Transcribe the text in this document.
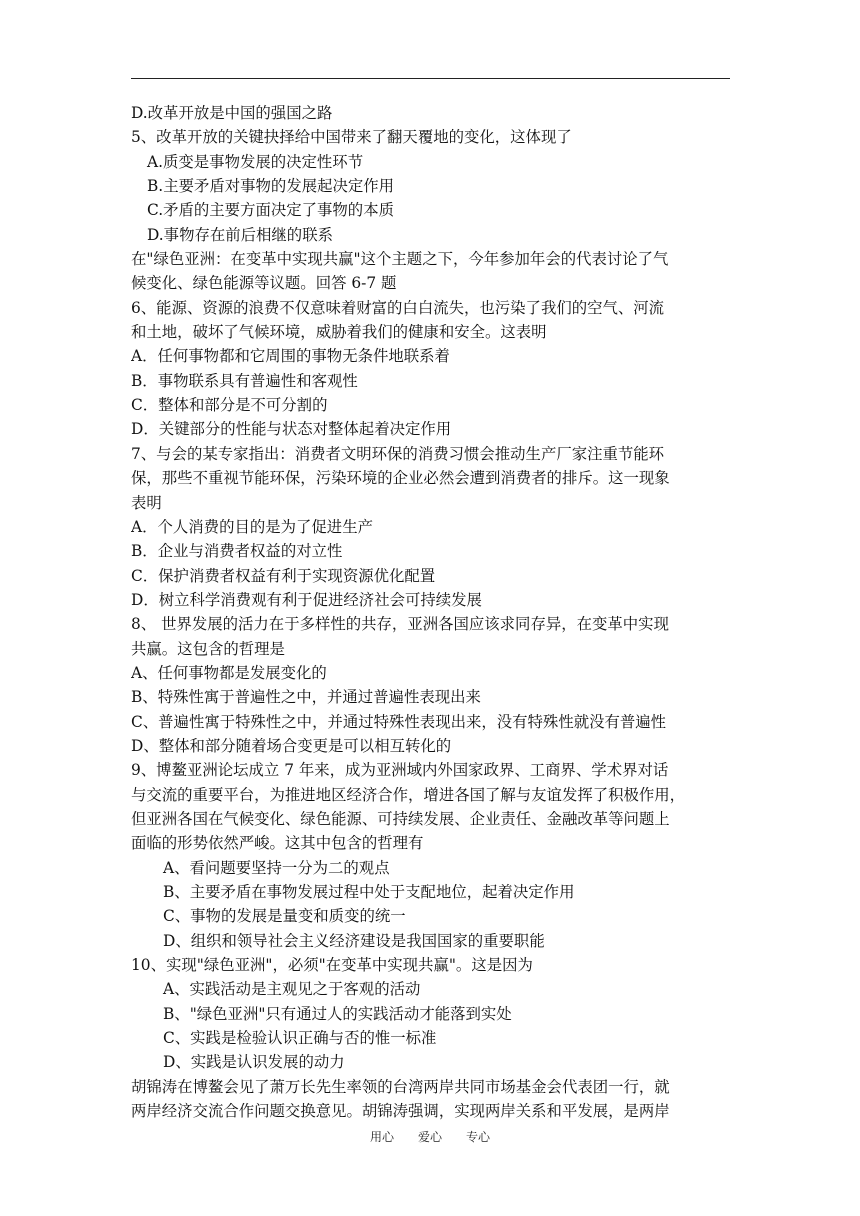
D.改革开放是中国的强国之路
5、改革开放的关键抉择给中国带来了翻天覆地的变化，这体现了
A.质变是事物发展的决定性环节
B.主要矛盾对事物的发展起决定作用
C.矛盾的主要方面决定了事物的本质
D.事物存在前后相继的联系
在"绿色亚洲：在变革中实现共赢"这个主题之下，今年参加年会的代表讨论了气
候变化、绿色能源等议题。回答 6-7 题
6、能源、资源的浪费不仅意味着财富的白白流失，也污染了我们的空气、河流
和土地，破坏了气候环境，威胁着我们的健康和安全。这表明
A．任何事物都和它周围的事物无条件地联系着
B．事物联系具有普遍性和客观性
C．整体和部分是不可分割的
D．关键部分的性能与状态对整体起着决定作用
7、与会的某专家指出：消费者文明环保的消费习惯会推动生产厂家注重节能环
保，那些不重视节能环保，污染环境的企业必然会遭到消费者的排斥。这一现象
表明
A．个人消费的目的是为了促进生产
B．企业与消费者权益的对立性
C．保护消费者权益有利于实现资源优化配置
D．树立科学消费观有利于促进经济社会可持续发展
8、 世界发展的活力在于多样性的共存，亚洲各国应该求同存异，在变革中实现
共赢。这包含的哲理是
A、任何事物都是发展变化的
B、特殊性寓于普遍性之中，并通过普遍性表现出来
C、普遍性寓于特殊性之中，并通过特殊性表现出来，没有特殊性就没有普遍性
D、整体和部分随着场合变更是可以相互转化的
9、博鳌亚洲论坛成立 7 年来，成为亚洲域内外国家政界、工商界、学术界对话
与交流的重要平台，为推进地区经济合作，增进各国了解与友谊发挥了积极作用，
但亚洲各国在气候变化、绿色能源、可持续发展、企业责任、金融改革等问题上
面临的形势依然严峻。这其中包含的哲理有
A、看问题要坚持一分为二的观点
B、主要矛盾在事物发展过程中处于支配地位，起着决定作用
C、事物的发展是量变和质变的统一
D、组织和领导社会主义经济建设是我国国家的重要职能
10、实现"绿色亚洲"，必须"在变革中实现共赢"。这是因为
A、实践活动是主观见之于客观的活动
B、"绿色亚洲"只有通过人的实践活动才能落到实处
C、实践是检验认识正确与否的惟一标准
D、实践是认识发展的动力
胡锦涛在博鳌会见了萧万长先生率领的台湾两岸共同市场基金会代表团一行，就
两岸经济交流合作问题交换意见。胡锦涛强调，实现两岸关系和平发展，是两岸
用心　　爱心　　专心
